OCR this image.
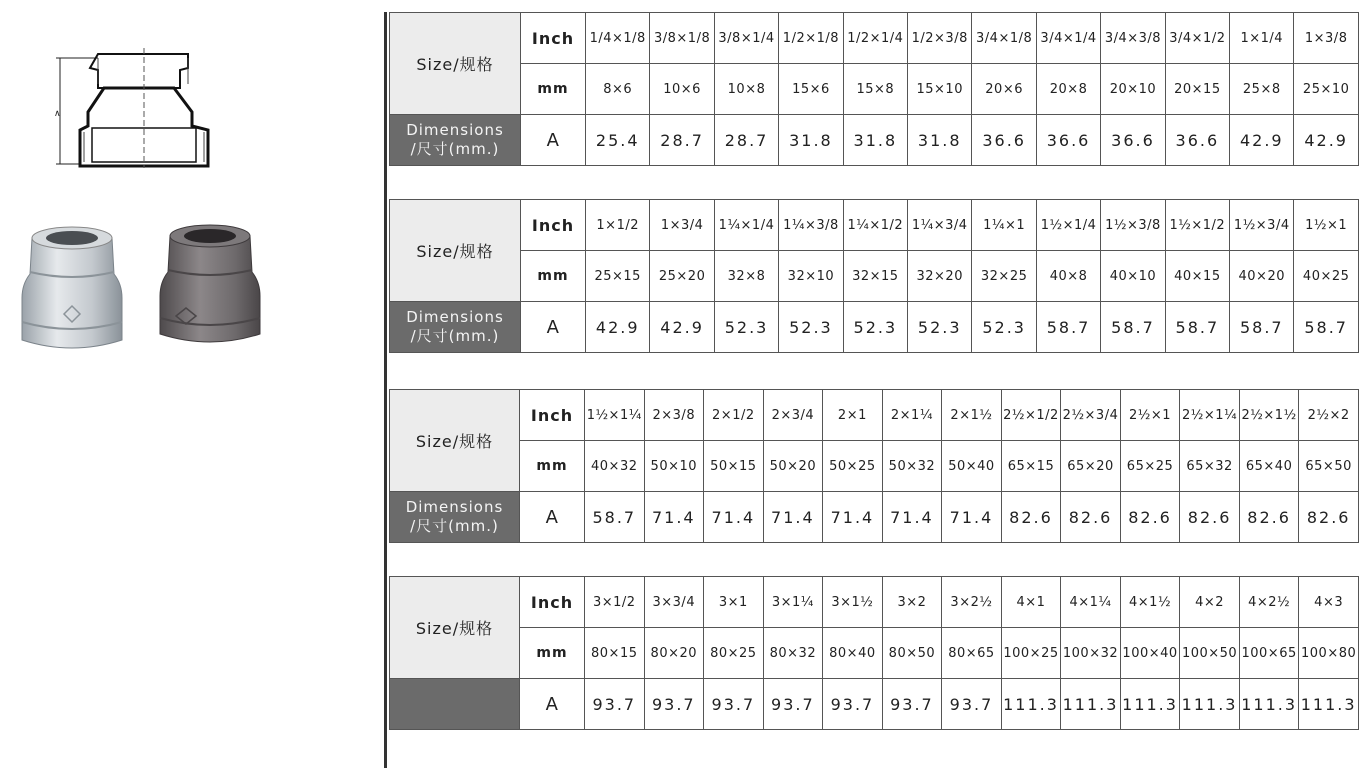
∧
Size/规格	Inch	1/4×1/8	3/8×1/8	3/8×1/4	1/2×1/8	1/2×1/4	1/2×3/8	3/4×1/8	3/4×1/4	3/4×3/8	3/4×1/2	1×1/4	1×3/8
	mm	8×6	10×6	10×8	15×6	15×8	15×10	20×6	20×8	20×10	20×15	25×8	25×10

Dimensions
/尺寸(mm.)	A	25.4	28.7	28.7	31.8	31.8	31.8	36.6	36.6	36.6	36.6	42.9	42.9
Size/规格	Inch	1×1/2	1×3/4	1¼×1/4	1¼×3/8	1¼×1/2	1¼×3/4	1¼×1	1½×1/4	1½×3/8	1½×1/2	1½×3/4	1½×1
	mm	25×15	25×20	32×8	32×10	32×15	32×20	32×25	40×8	40×10	40×15	40×20	40×25

Dimensions
/尺寸(mm.)	A	42.9	42.9	52.3	52.3	52.3	52.3	52.3	58.7	58.7	58.7	58.7	58.7
Size/规格	Inch	1½×1¼	2×3/8	2×1/2	2×3/4	2×1	2×1¼	2×1½	2½×1/2	2½×3/4	2½×1	2½×1¼	2½×1½	2½×2
	mm	40×32	50×10	50×15	50×20	50×25	50×32	50×40	65×15	65×20	65×25	65×32	65×40	65×50

Dimensions
/尺寸(mm.)	A	58.7	71.4	71.4	71.4	71.4	71.4	71.4	82.6	82.6	82.6	82.6	82.6	82.6
Size/规格	Inch	3×1/2	3×3/4	3×1	3×1¼	3×1½	3×2	3×2½	4×1	4×1¼	4×1½	4×2	4×2½	4×3
	mm	80×15	80×20	80×25	80×32	80×40	80×50	80×65	100×25	100×32	100×40	100×50	100×65	100×80
	A	93.7	93.7	93.7	93.7	93.7	93.7	93.7	111.3	111.3	111.3	111.3	111.3	111.3
